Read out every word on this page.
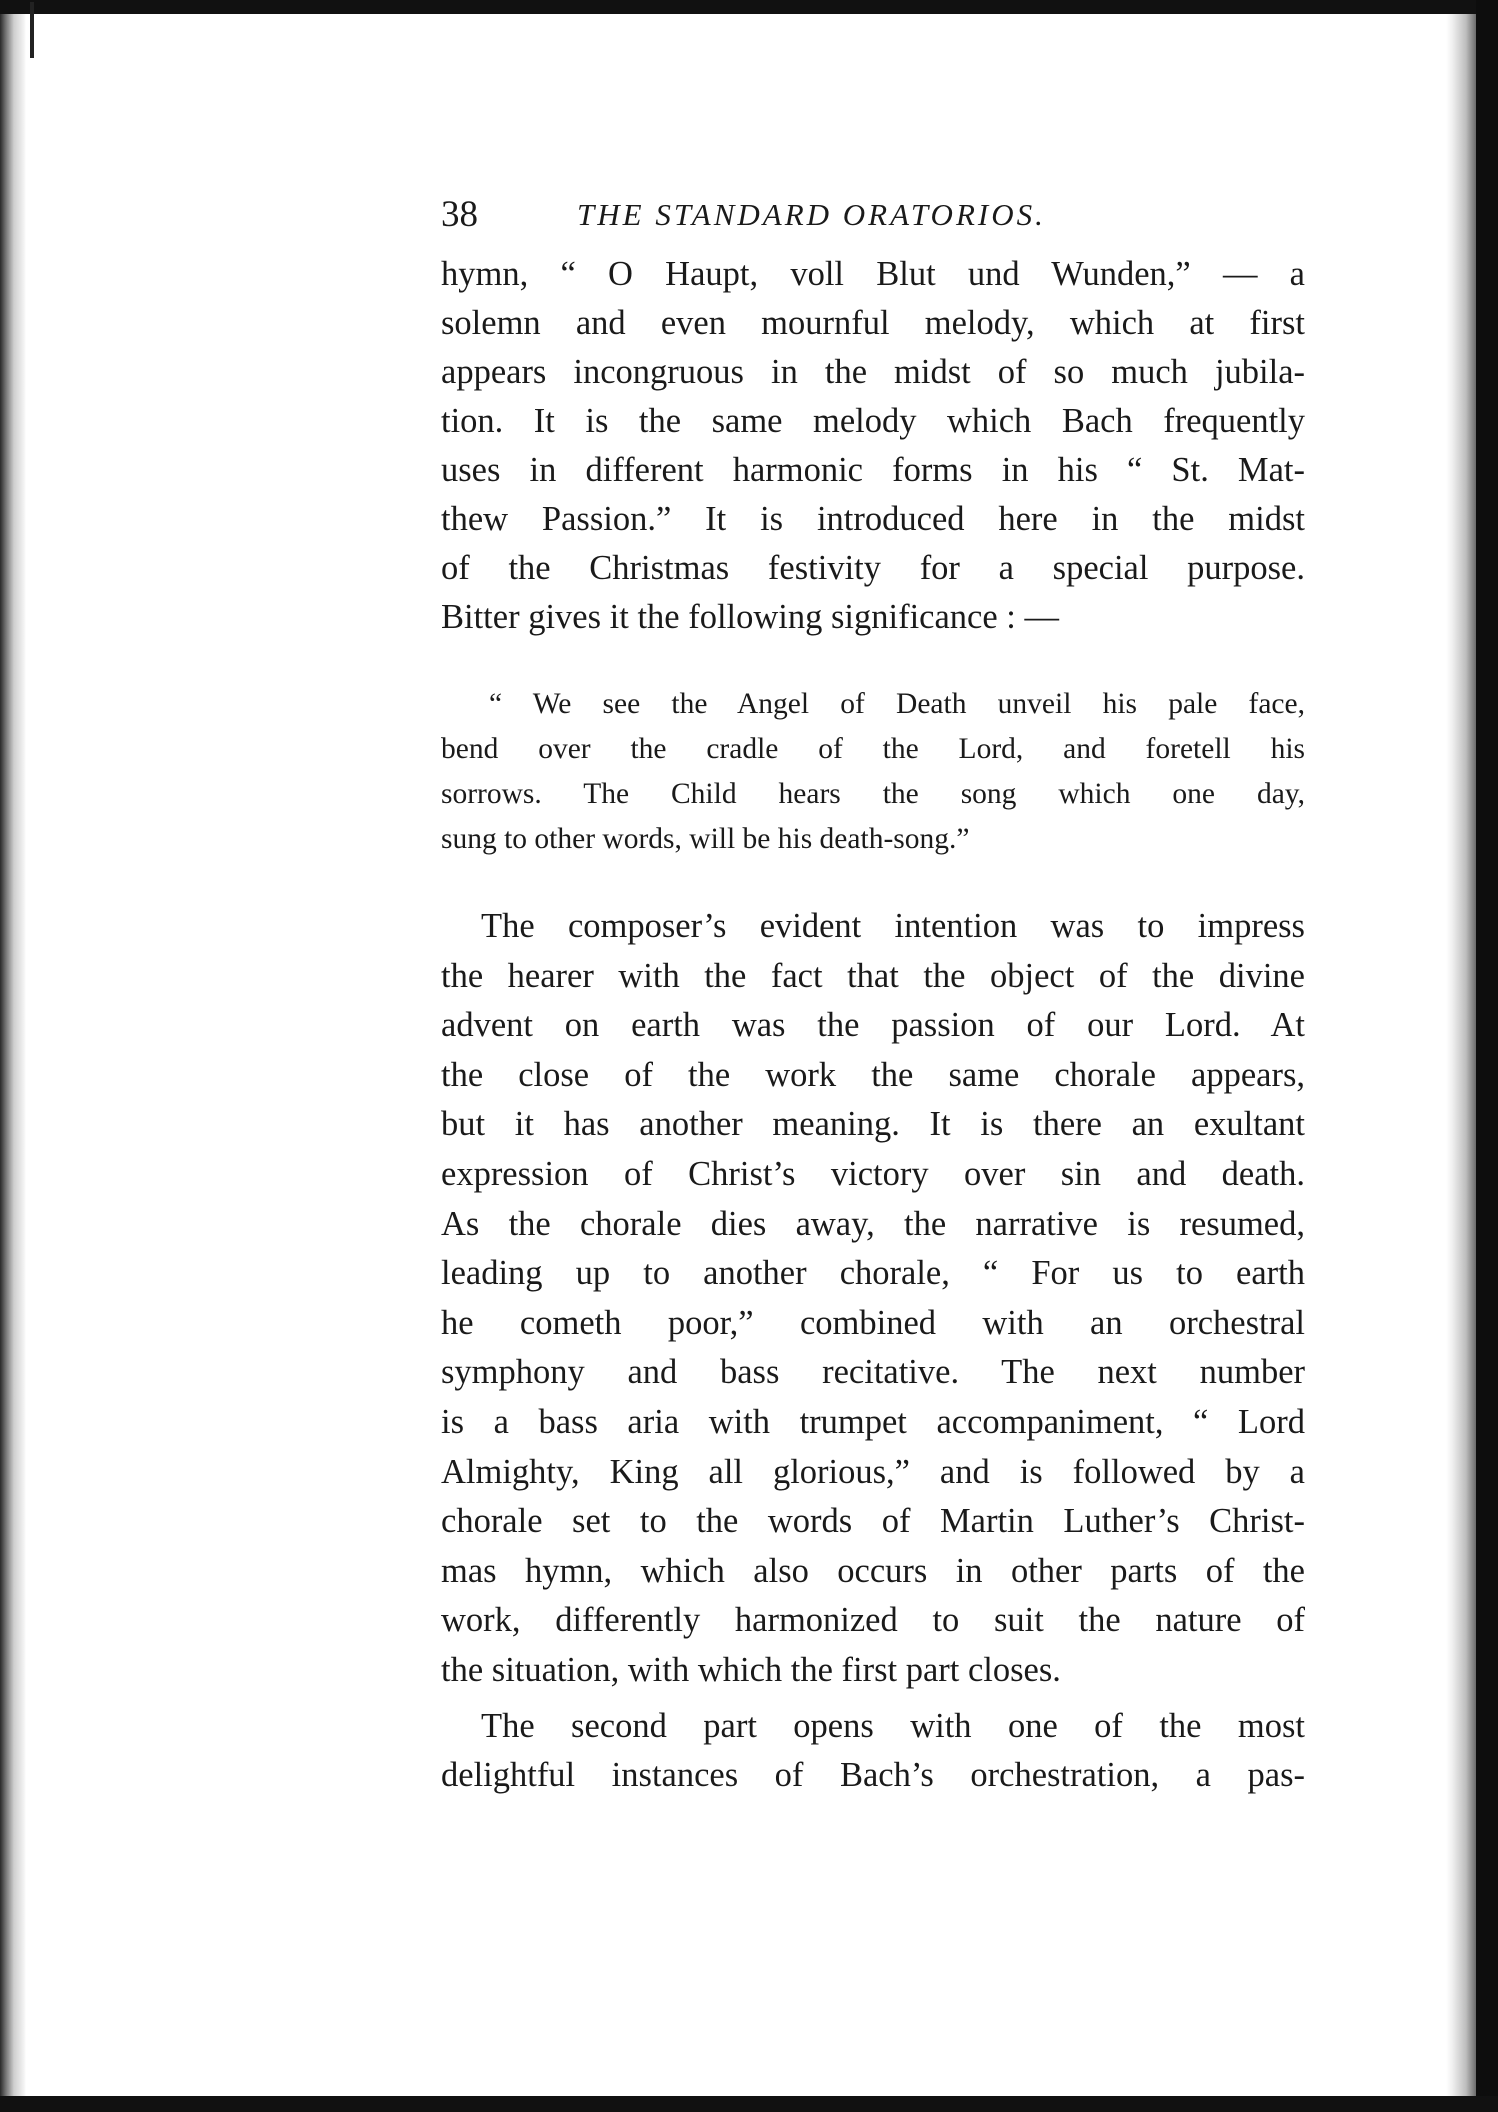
38	THE STANDARD ORATORIOS.
hymn, “ O Haupt, voll Blut und Wunden,” — a
solemn and even mournful melody, which at first
appears incongruous in the midst of so much jubila-
tion. It is the same melody which Bach frequently
uses in different harmonic forms in his “ St. Mat-
thew Passion.” It is introduced here in the midst
of the Christmas festivity for a special purpose.
Bitter gives it the following significance : —
“ We see the Angel of Death unveil his pale face,
bend over the cradle of the Lord, and foretell his
sorrows. The Child hears the song which one day,
sung to other words, will be his death-song.”
The composer’s evident intention was to impress
the hearer with the fact that the object of the divine
advent on earth was the passion of our Lord. At
the close of the work the same chorale appears,
but it has another meaning. It is there an exultant
expression of Christ’s victory over sin and death.
As the chorale dies away, the narrative is resumed,
leading up to another chorale, “ For us to earth
he cometh poor,” combined with an orchestral
symphony and bass recitative. The next number
is a bass aria with trumpet accompaniment, “ Lord
Almighty, King all glorious,” and is followed by a
chorale set to the words of Martin Luther’s Christ-
mas hymn, which also occurs in other parts of the
work, differently harmonized to suit the nature of
the situation, with which the first part closes.
The second part opens with one of the most
delightful instances of Bach’s orchestration, a pas-
